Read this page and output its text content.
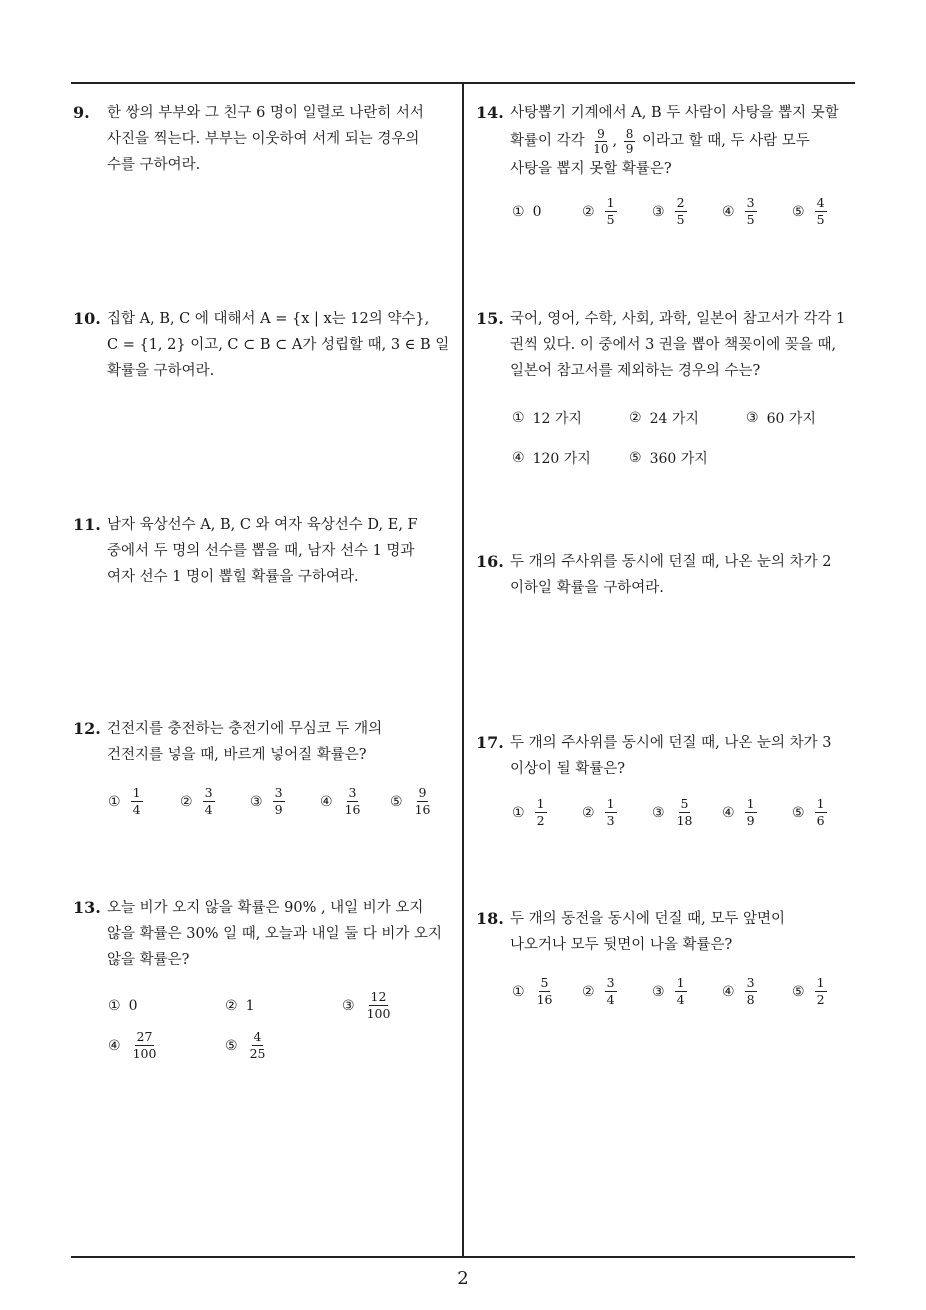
9. 한 쌍의 부부와 그 친구 6 명이 일렬로 나란히 서서
사진을 찍는다. 부부는 이웃하여 서게 되는 경우의
수를 구하여라.
10. 집합 A, B, C 에 대해서 A = {x | x는 12의 약수},
C = {1, 2} 이고, C ⊂ B ⊂ A가 성립할 때, 3 ∈ B 일
확률을 구하여라.
11. 남자 육상선수 A, B, C 와 여자 육상선수 D, E, F
중에서 두 명의 선수를 뽑을 때, 남자 선수 1 명과
여자 선수 1 명이 뽑힐 확률을 구하여라.
12. 건전지를 충전하는 충전기에 무심코 두 개의
건전지를 넣을 때, 바르게 넣어질 확률은?
① $\frac{1}{4}$	② $\frac{3}{4}$	③ $\frac{3}{9}$	④ $\frac{3}{16}$ ⑤ $\frac{9}{16}$
13. 오늘 비가 오지 않을 확률은 90% , 내일 비가 오지
않을 확률은 30% 일 때, 오늘과 내일 둘 다 비가 오지
않을 확률은?
① 0	② 1	③ $\frac{12}{100}$
④ $\frac{27}{100}$	⑤ $\frac{4}{25}$
14. 사탕뽑기 기계에서 A, B 두 사람이 사탕을 뽑지 못할
확률이 각각 $\frac{9}{10}$ , $\frac{8}{9}$ 이라고 할 때, 두 사람 모두
사탕을 뽑지 못할 확률은?
① 0	② $\frac{1}{5}$	③ $\frac{2}{5}$	④ $\frac{3}{5}$	⑤ $\frac{4}{5}$
15. 국어, 영어, 수학, 사회, 과학, 일본어 참고서가 각각 1
권씩 있다. 이 중에서 3 권을 뽑아 책꽂이에 꽂을 때,
일본어 참고서를 제외하는 경우의 수는?
① 12 가지	② 24 가지	③ 60 가지
④ 120 가지	⑤ 360 가지
16. 두 개의 주사위를 동시에 던질 때, 나온 눈의 차가 2
이하일 확률을 구하여라.
17. 두 개의 주사위를 동시에 던질 때, 나온 눈의 차가 3
이상이 될 확률은?
① $\frac{1}{2}$	② $\frac{1}{3}$	③ $\frac{5}{18}$ ④ $\frac{1}{9}$	⑤ $\frac{1}{6}$
18. 두 개의 동전을 동시에 던질 때, 모두 앞면이
나오거나 모두 뒷면이 나올 확률은?
① $\frac{5}{16}$ ② $\frac{3}{4}$	③ $\frac{1}{4}$	④ $\frac{3}{8}$	⑤ $\frac{1}{2}$
2
